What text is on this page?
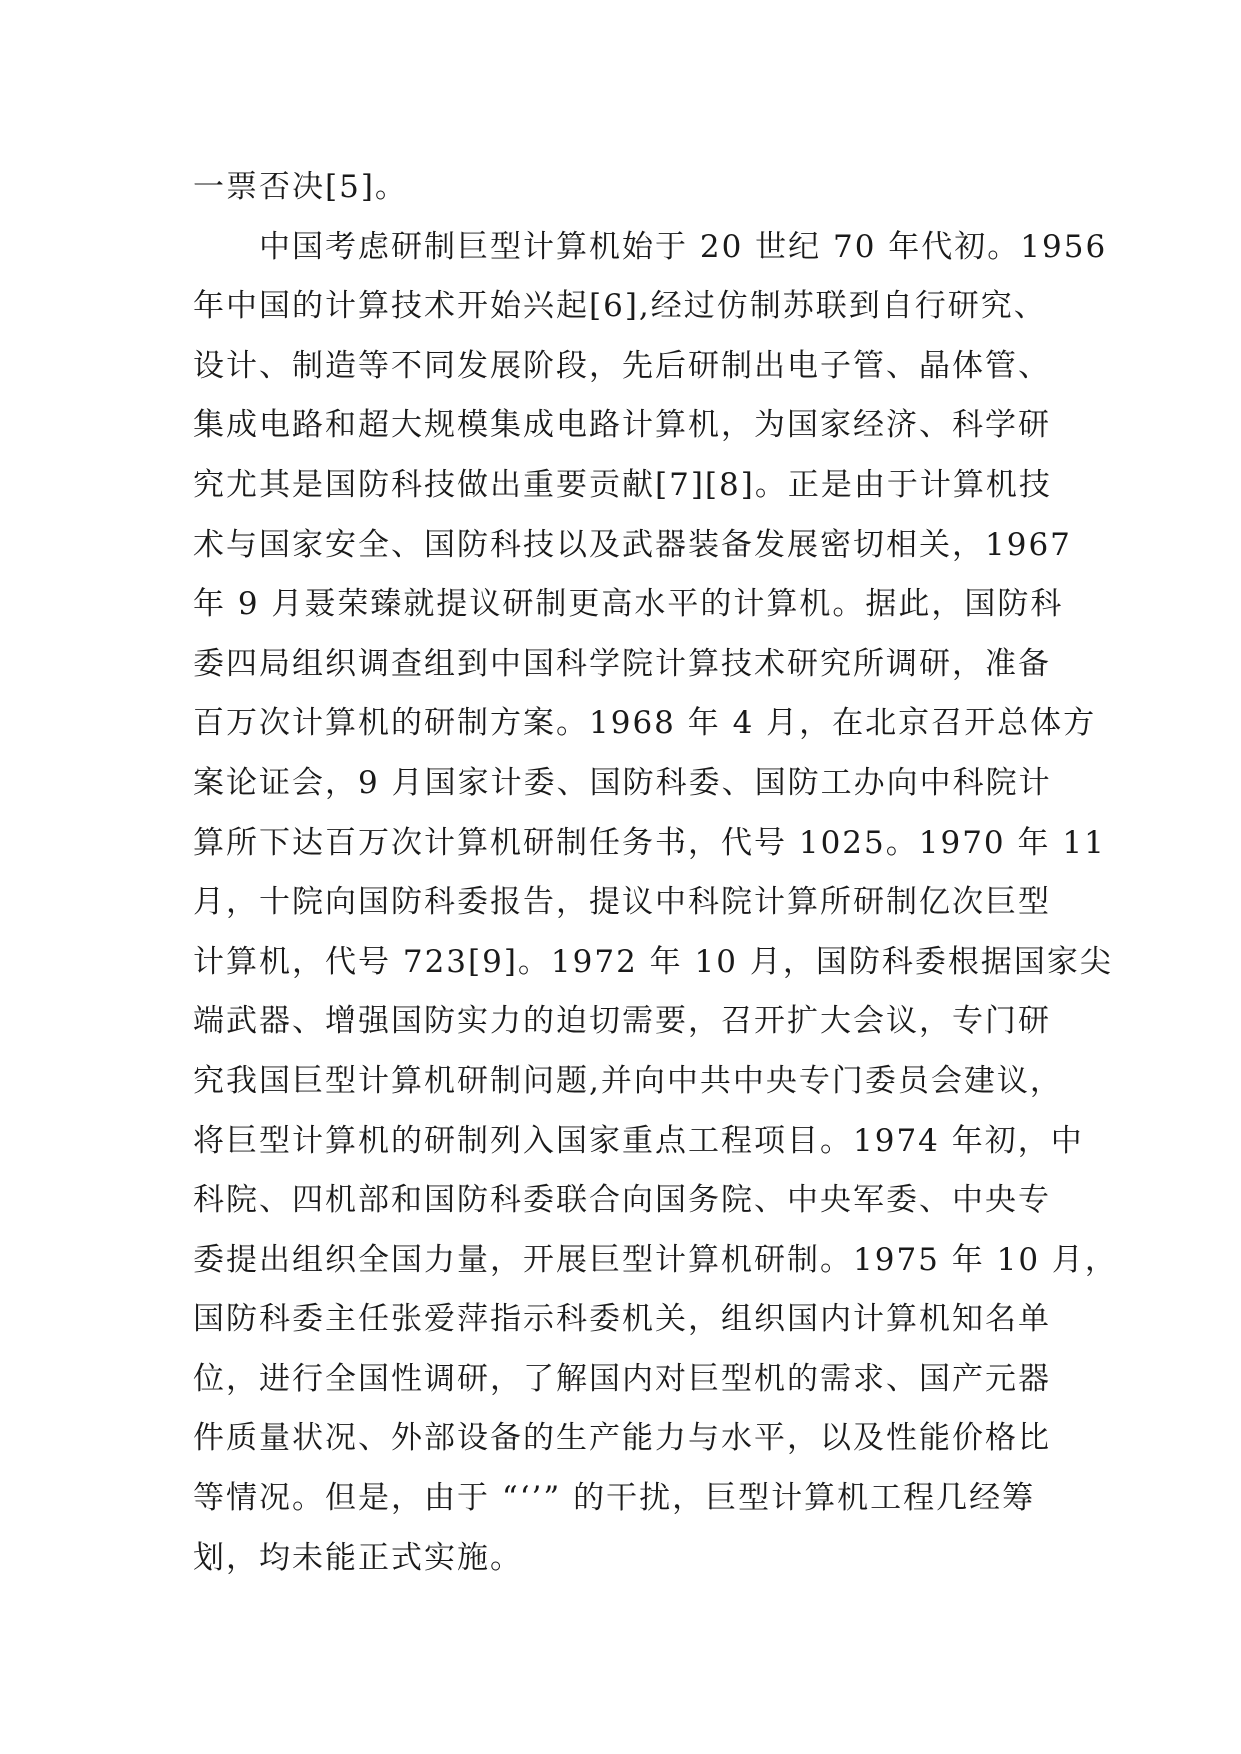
一票否决[5]。
中国考虑研制巨型计算机始于 20 世纪 70 年代初。1956
年中国的计算技术开始兴起[6],经过仿制苏联到自行研究、
设计、制造等不同发展阶段，先后研制出电子管、晶体管、
集成电路和超大规模集成电路计算机，为国家经济、科学研
究尤其是国防科技做出重要贡献[7][8]。正是由于计算机技
术与国家安全、国防科技以及武器装备发展密切相关，1967
年 9 月聂荣臻就提议研制更高水平的计算机。据此，国防科
委四局组织调查组到中国科学院计算技术研究所调研，准备
百万次计算机的研制方案。1968 年 4 月，在北京召开总体方
案论证会，9 月国家计委、国防科委、国防工办向中科院计
算所下达百万次计算机研制任务书，代号 1025。1970 年 11
月，十院向国防科委报告，提议中科院计算所研制亿次巨型
计算机，代号 723[9]。1972 年 10 月，国防科委根据国家尖
端武器、增强国防实力的迫切需要，召开扩大会议，专门研
究我国巨型计算机研制问题,并向中共中央专门委员会建议，
将巨型计算机的研制列入国家重点工程项目。1974 年初，中
科院、四机部和国防科委联合向国务院、中央军委、中央专
委提出组织全国力量，开展巨型计算机研制。1975 年 10 月，
国防科委主任张爱萍指示科委机关，组织国内计算机知名单
位，进行全国性调研，了解国内对巨型机的需求、国产元器
件质量状况、外部设备的生产能力与水平，以及性能价格比
等情况。但是，由于 “‘’” 的干扰，巨型计算机工程几经筹
划，均未能正式实施。
